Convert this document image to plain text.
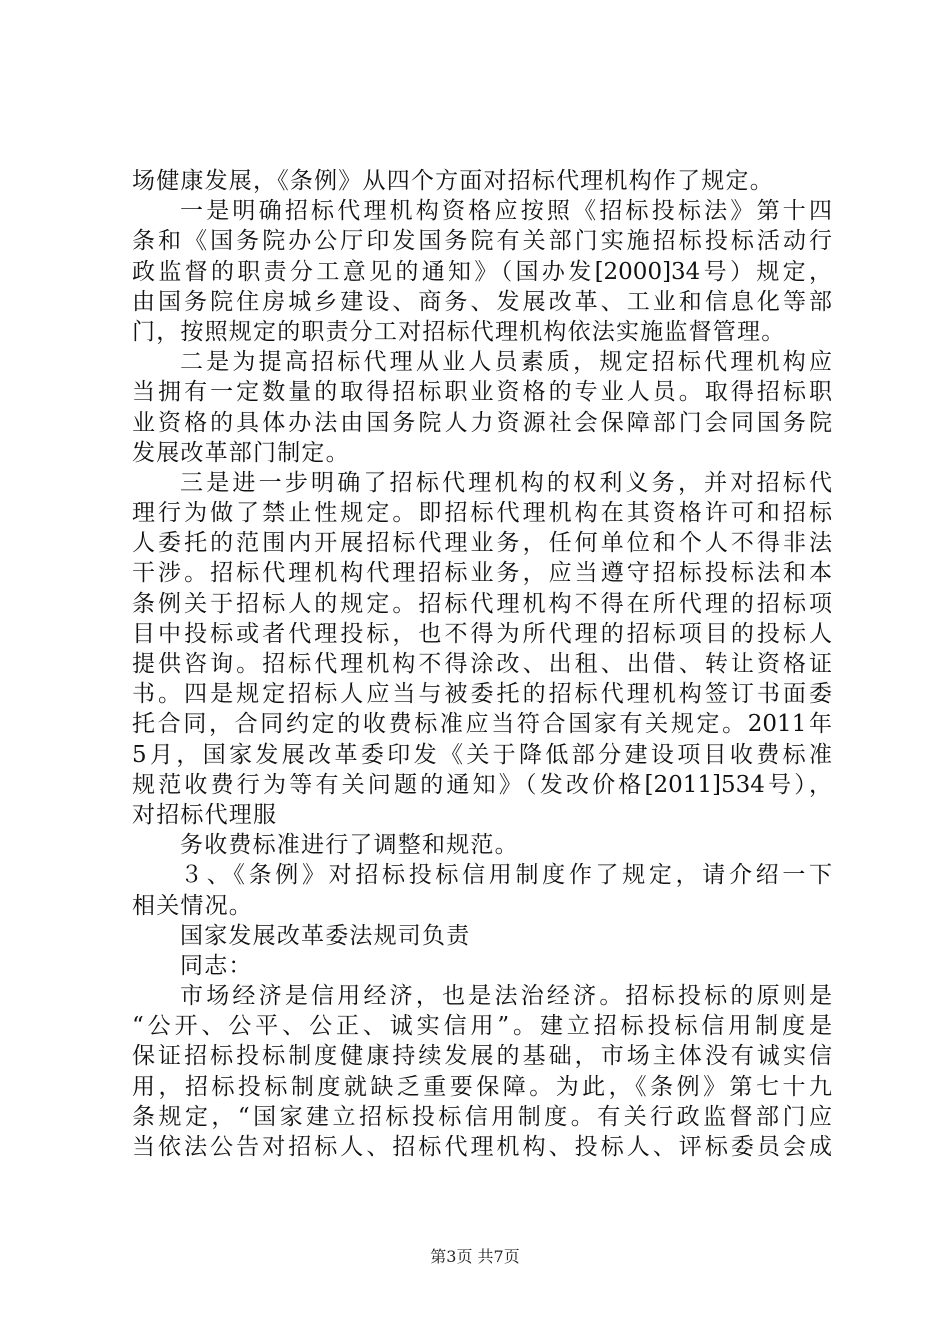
场健康发展，《条例》从四个方面对招标代理机构作了规定。
一是明确招标代理机构资格应按照《招标投标法》第十四
条和《国务院办公厅印发国务院有关部门实施招标投标活动行
政监督的职责分工意见的通知》（国办发[2000]34号）规定，
由国务院住房城乡建设、商务、发展改革、工业和信息化等部
门，按照规定的职责分工对招标代理机构依法实施监督管理。
二是为提高招标代理从业人员素质，规定招标代理机构应
当拥有一定数量的取得招标职业资格的专业人员。取得招标职
业资格的具体办法由国务院人力资源社会保障部门会同国务院
发展改革部门制定。
三是进一步明确了招标代理机构的权利义务，并对招标代
理行为做了禁止性规定。即招标代理机构在其资格许可和招标
人委托的范围内开展招标代理业务，任何单位和个人不得非法
干涉。招标代理机构代理招标业务，应当遵守招标投标法和本
条例关于招标人的规定。招标代理机构不得在所代理的招标项
目中投标或者代理投标，也不得为所代理的招标项目的投标人
提供咨询。招标代理机构不得涂改、出租、出借、转让资格证
书。四是规定招标人应当与被委托的招标代理机构签订书面委
托合同，合同约定的收费标准应当符合国家有关规定。2011年
5月，国家发展改革委印发《关于降低部分建设项目收费标准
规范收费行为等有关问题的通知》（发改价格[2011]534号），
对招标代理服
务收费标准进行了调整和规范。
３、《条例》对招标投标信用制度作了规定，请介绍一下
相关情况。
国家发展改革委法规司负责
同志：
市场经济是信用经济，也是法治经济。招标投标的原则是
“公开、公平、公正、诚实信用”。建立招标投标信用制度是
保证招标投标制度健康持续发展的基础，市场主体没有诚实信
用，招标投标制度就缺乏重要保障。为此，《条例》第七十九
条规定，“国家建立招标投标信用制度。有关行政监督部门应
当依法公告对招标人、招标代理机构、投标人、评标委员会成
第3页 共7页
